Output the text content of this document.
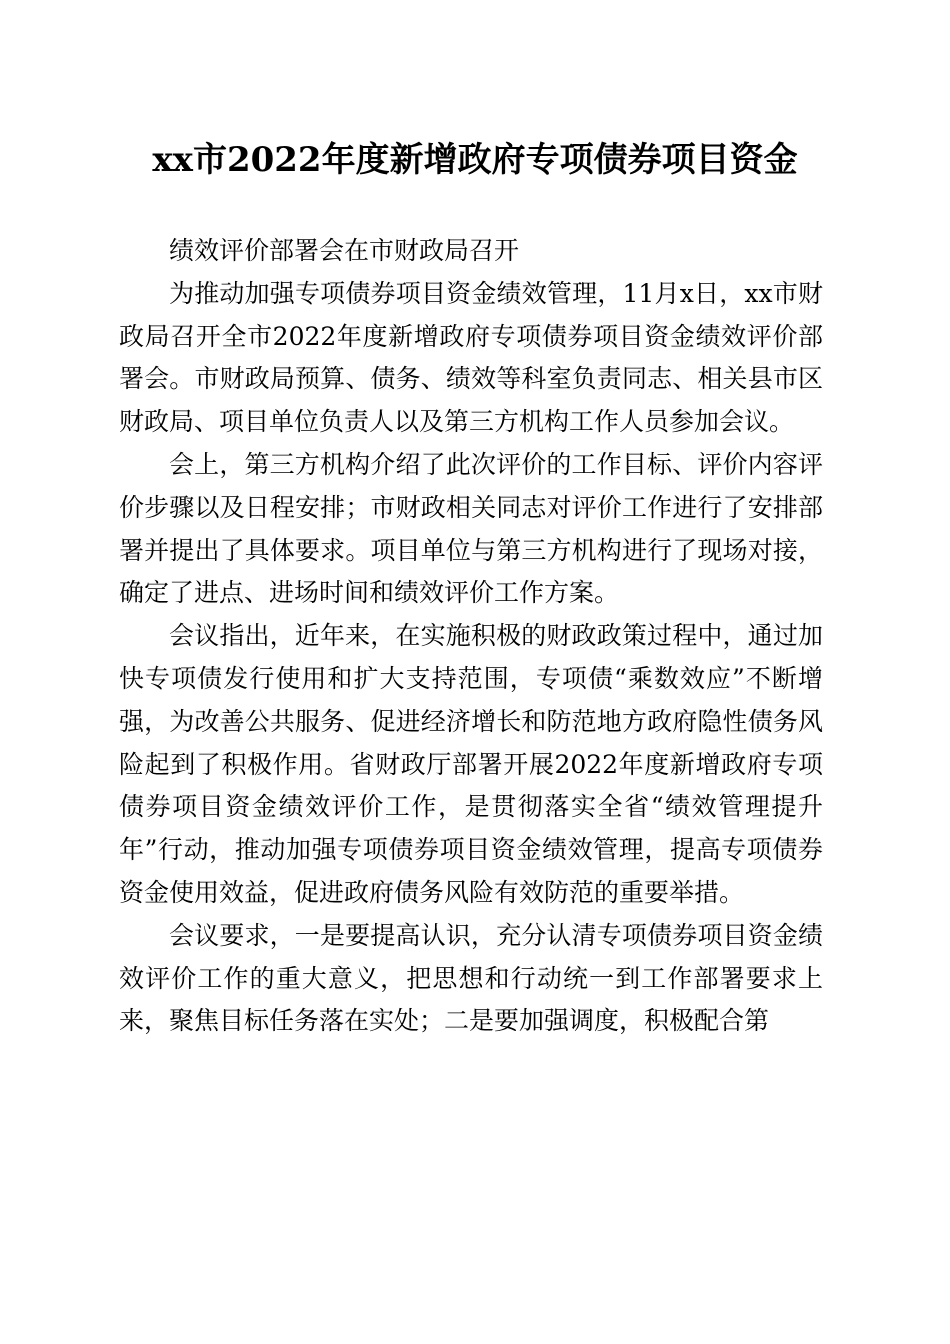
xx市2022年度新增政府专项债券项目资金

绩效评价部署会在市财政局召开

为推动加强专项债券项目资金绩效管理，11月x日，xx市财政局召开全市2022年度新增政府专项债券项目资金绩效评价部署会。市财政局预算、债务、绩效等科室负责同志、相关县市区财政局、项目单位负责人以及第三方机构工作人员参加会议。

会上，第三方机构介绍了此次评价的工作目标、评价内容评价步骤以及日程安排；市财政相关同志对评价工作进行了安排部署并提出了具体要求。项目单位与第三方机构进行了现场对接，确定了进点、进场时间和绩效评价工作方案。

会议指出，近年来，在实施积极的财政政策过程中，通过加快专项债发行使用和扩大支持范围，专项债“乘数效应”不断增强，为改善公共服务、促进经济增长和防范地方政府隐性债务风险起到了积极作用。省财政厅部署开展2022年度新增政府专项债券项目资金绩效评价工作，是贯彻落实全省“绩效管理提升年”行动，推动加强专项债券项目资金绩效管理，提高专项债券资金使用效益，促进政府债务风险有效防范的重要举措。

会议要求，一是要提高认识，充分认清专项债券项目资金绩效评价工作的重大意义，把思想和行动统一到工作部署要求上来，聚焦目标任务落在实处；二是要加强调度，积极配合第
